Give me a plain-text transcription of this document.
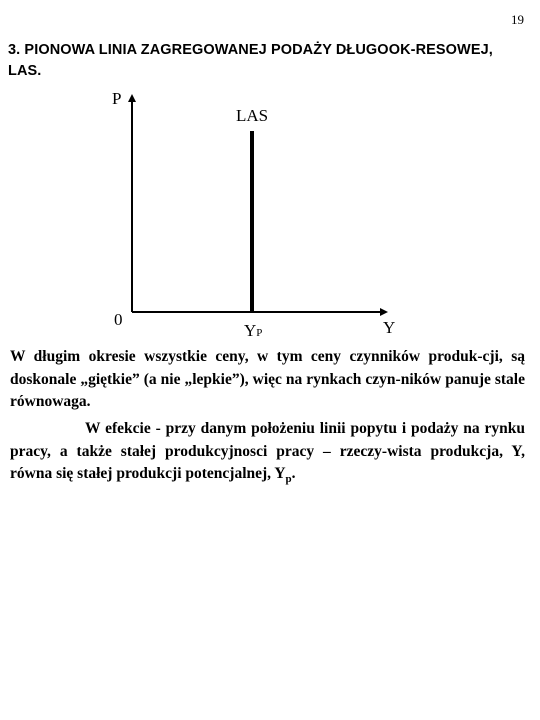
19
3. PIONOWA LINIA ZAGREGOWANEJ PODAŻY DŁUGOOK-RESOWEJ, LAS.
P
LAS
0	Y
YP
W długim okresie wszystkie ceny, w tym ceny czynników produk-cji, są doskonale „giętkie” (a nie „lepkie”), więc na rynkach czyn-ników panuje stale równowaga.
W efekcie - przy danym położeniu linii popytu i podaży na rynku pracy, a także stałej produkcyjnosci pracy – rzeczy-wista produkcja, Y, równa się stałej produkcji potencjalnej, $Y_p$.
